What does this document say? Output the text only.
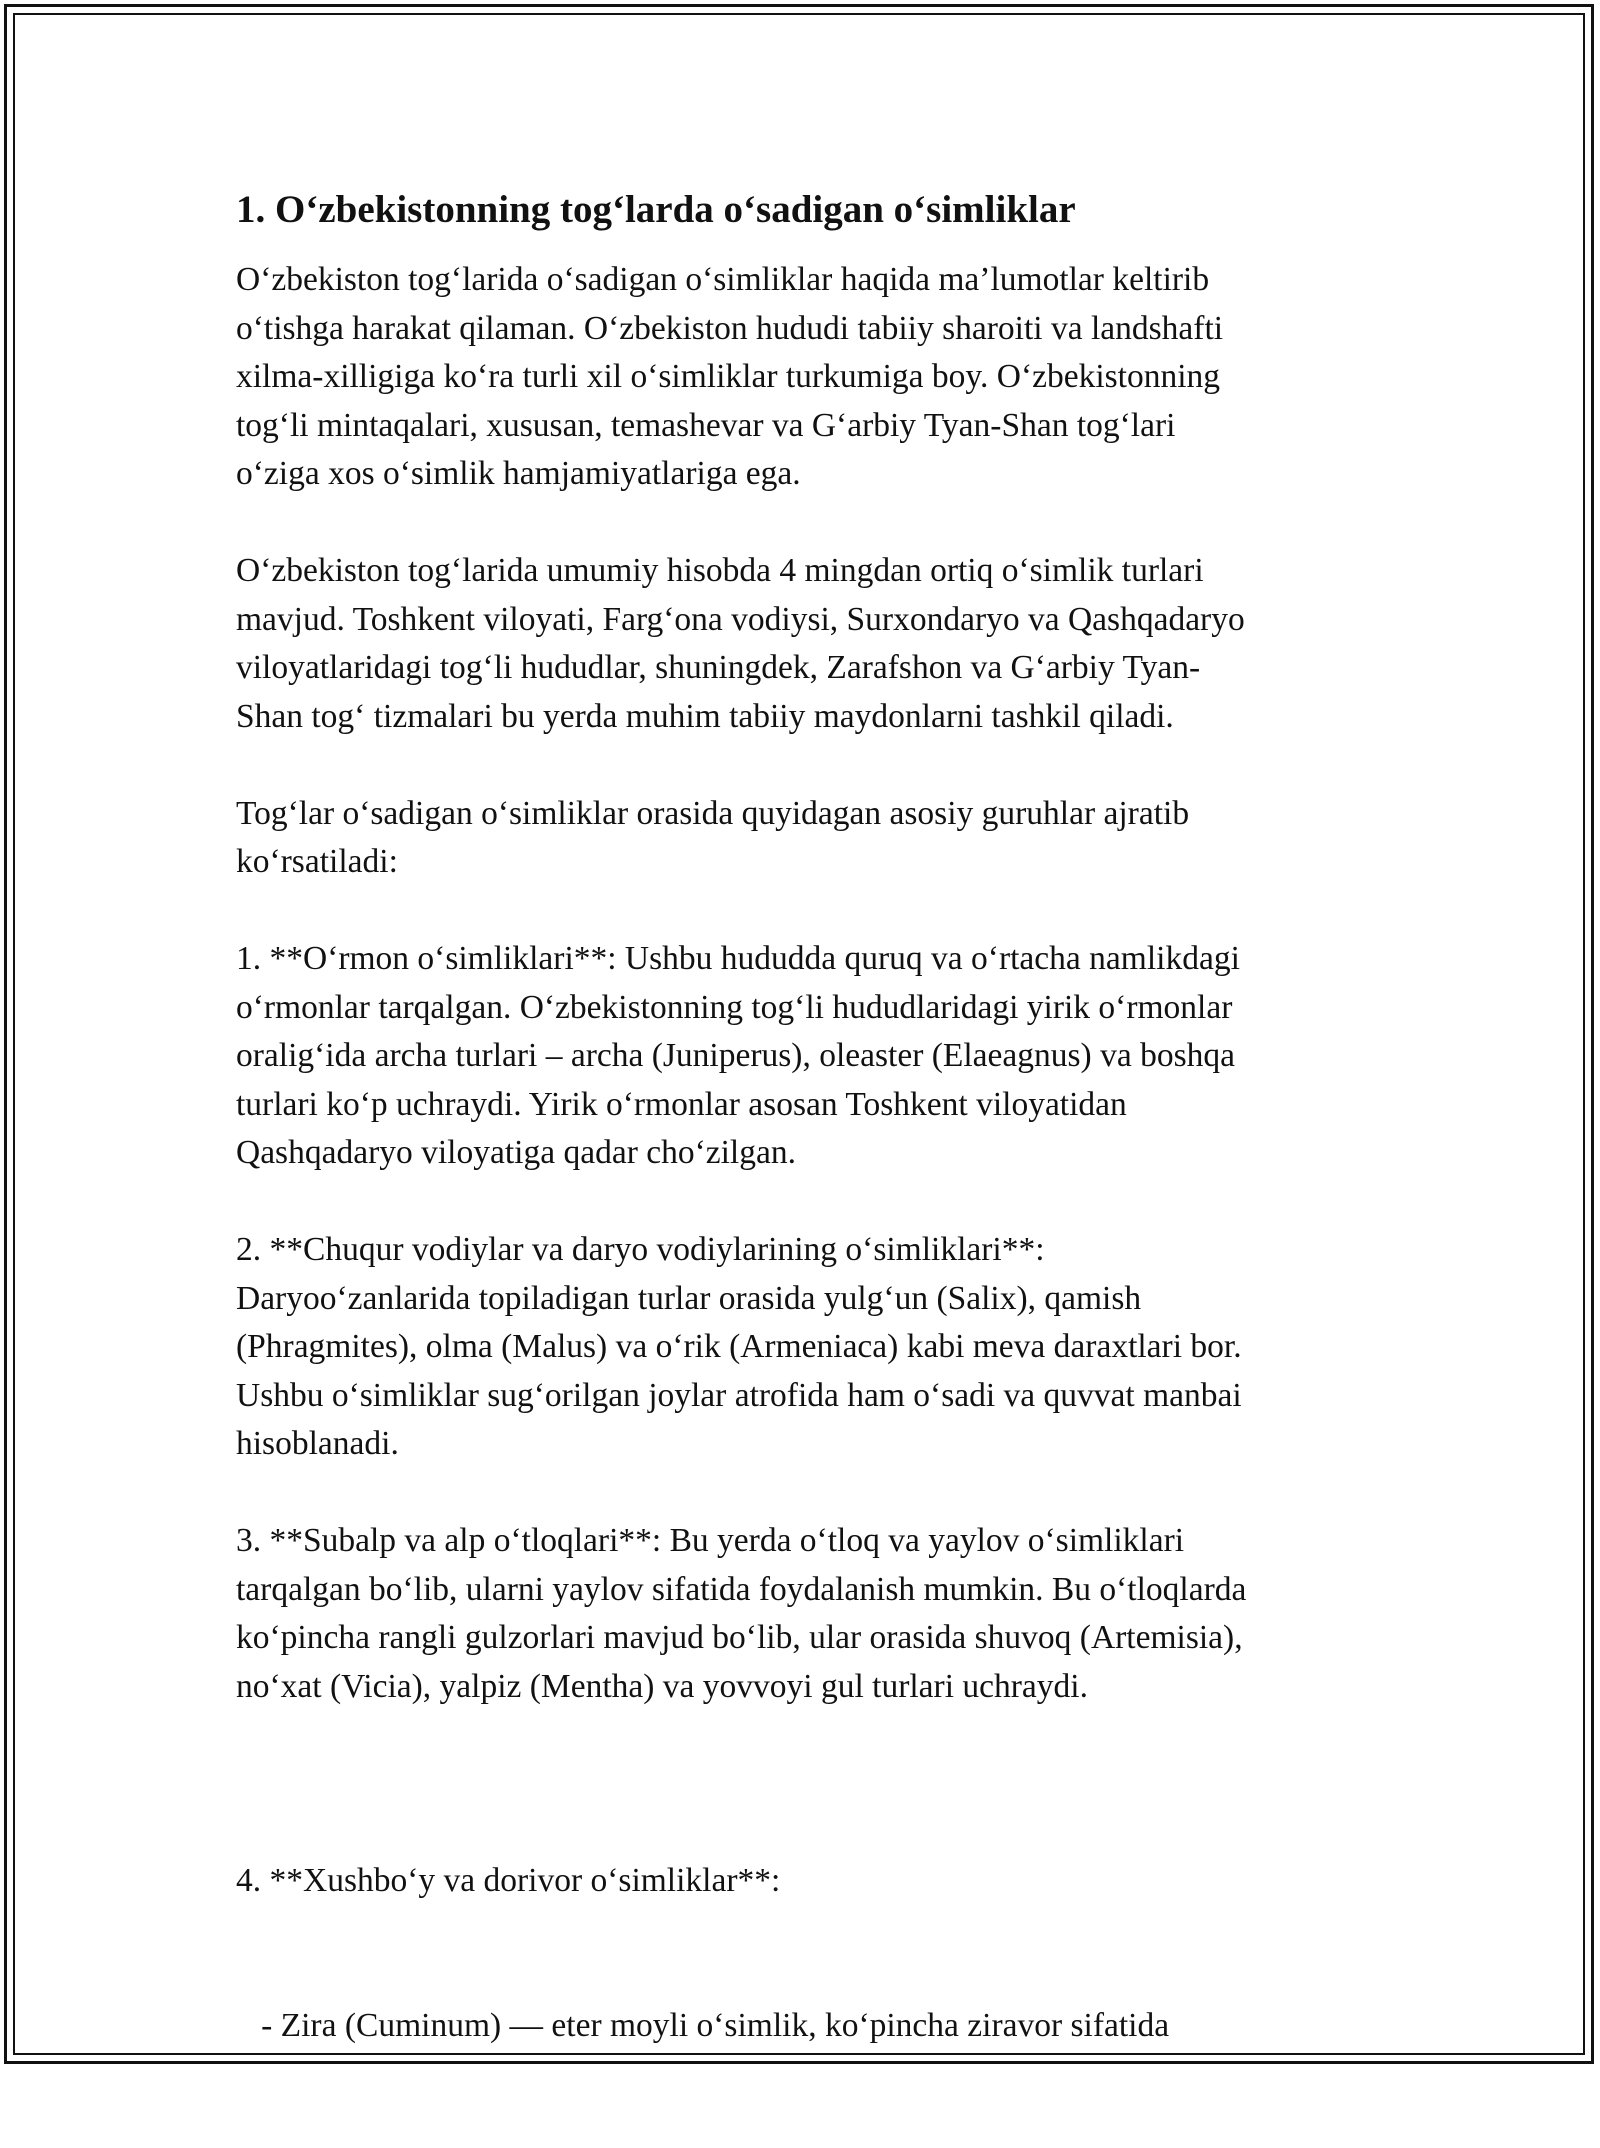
1. O‘zbekistonning tog‘larda o‘sadigan o‘simliklar

O‘zbekiston tog‘larida o‘sadigan o‘simliklar haqida ma’lumotlar keltirib
o‘tishga harakat qilaman. O‘zbekiston hududi tabiiy sharoiti va landshafti
xilma-xilligiga ko‘ra turli xil o‘simliklar turkumiga boy. O‘zbekistonning
tog‘li mintaqalari, xususan, temashevar va G‘arbiy Tyan-Shan tog‘lari
o‘ziga xos o‘simlik hamjamiyatlariga ega.

O‘zbekiston tog‘larida umumiy hisobda 4 mingdan ortiq o‘simlik turlari
mavjud. Toshkent viloyati, Farg‘ona vodiysi, Surxondaryo va Qashqadaryo
viloyatlaridagi tog‘li hududlar, shuningdek, Zarafshon va G‘arbiy Tyan-
Shan tog‘ tizmalari bu yerda muhim tabiiy maydonlarni tashkil qiladi.

Tog‘lar o‘sadigan o‘simliklar orasida quyidagan asosiy guruhlar ajratib
ko‘rsatiladi:

1. **O‘rmon o‘simliklari**: Ushbu hududda quruq va o‘rtacha namlikdagi
o‘rmonlar tarqalgan. O‘zbekistonning tog‘li hududlaridagi yirik o‘rmonlar
oralig‘ida archa turlari – archa (Juniperus), oleaster (Elaeagnus) va boshqa
turlari ko‘p uchraydi. Yirik o‘rmonlar asosan Toshkent viloyatidan
Qashqadaryo viloyatiga qadar cho‘zilgan.

2. **Chuqur vodiylar va daryo vodiylarining o‘simliklari**:
Daryoo‘zanlarida topiladigan turlar orasida yulg‘un (Salix), qamish
(Phragmites), olma (Malus) va o‘rik (Armeniaca) kabi meva daraxtlari bor.
Ushbu o‘simliklar sug‘orilgan joylar atrofida ham o‘sadi va quvvat manbai
hisoblanadi.

3. **Subalp va alp o‘tloqlari**: Bu yerda o‘tloq va yaylov o‘simliklari
tarqalgan bo‘lib, ularni yaylov sifatida foydalanish mumkin. Bu o‘tloqlarda
ko‘pincha rangli gulzorlari mavjud bo‘lib, ular orasida shuvoq (Artemisia),
no‘xat (Vicia), yalpiz (Mentha) va yovvoyi gul turlari uchraydi.

4. **Xushbo‘y va dorivor o‘simliklar**:

- Zira (Cuminum) — eter moyli o‘simlik, ko‘pincha ziravor sifatida
